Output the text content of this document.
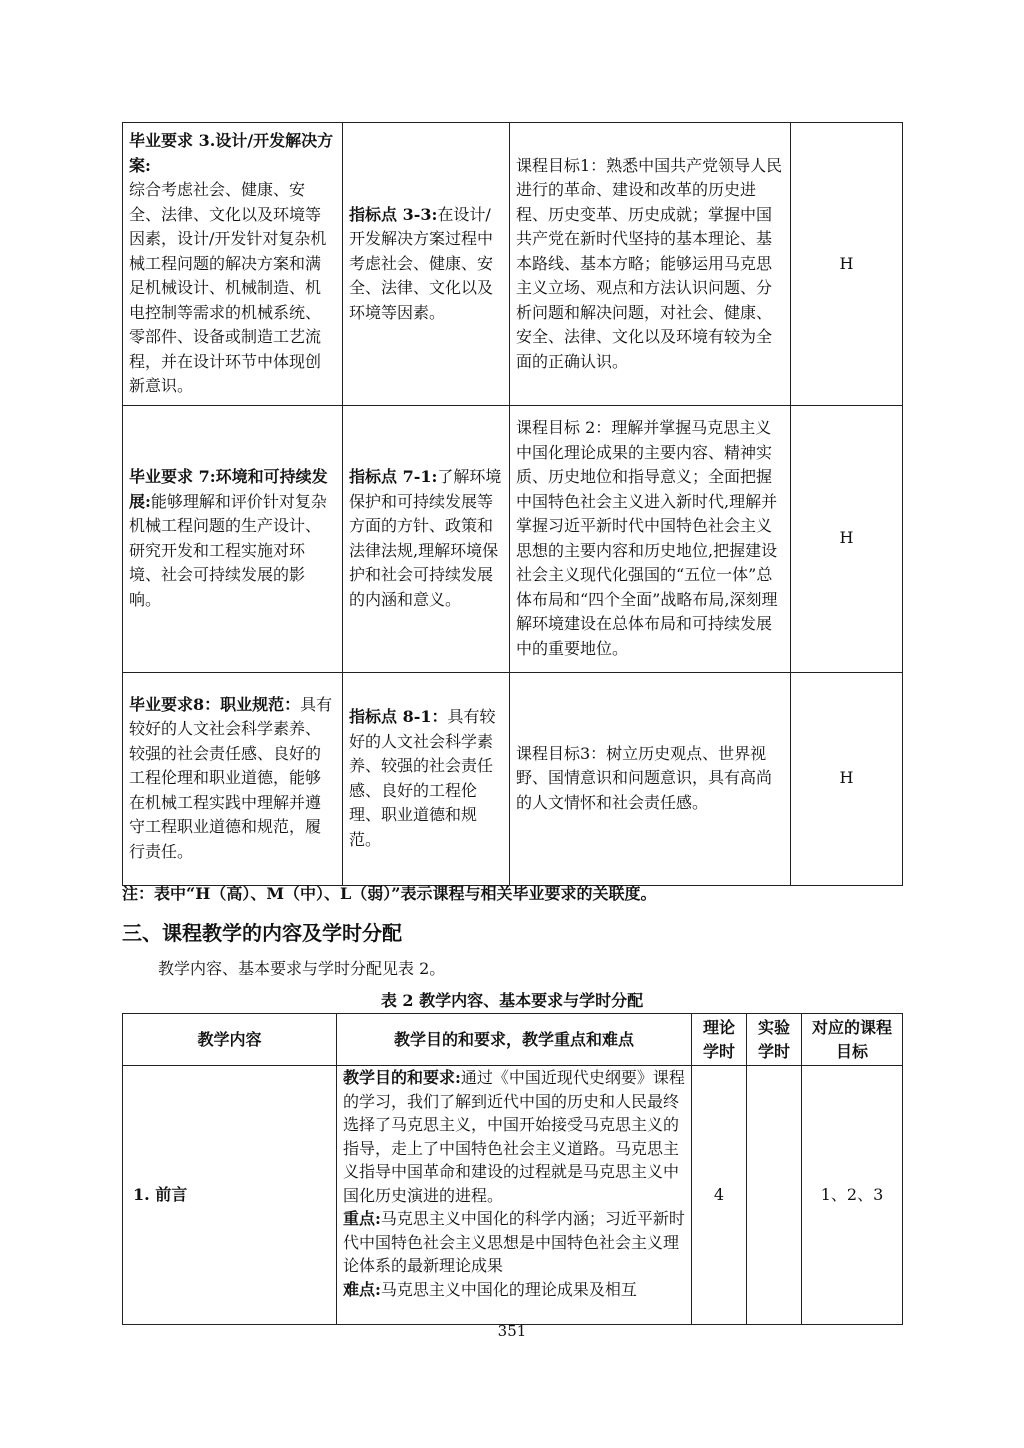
毕业要求 3.设计/开发解决方案:
综合考虑社会、健康、安全、法律、文化以及环境等因素，设计/开发针对复杂机械工程问题的解决方案和满足机械设计、机械制造、机电控制等需求的机械系统、零部件、设备或制造工艺流程，并在设计环节中体现创新意识。	指标点 3-3:在设计/开发解决方案过程中考虑社会、健康、安全、法律、文化以及环境等因素。	课程目标1：熟悉中国共产党领导人民进行的革命、建设和改革的历史进程、历史变革、历史成就；掌握中国共产党在新时代坚持的基本理论、基本路线、基本方略；能够运用马克思主义立场、观点和方法认识问题、分析问题和解决问题，对社会、健康、安全、法律、文化以及环境有较为全面的正确认识。	H
毕业要求 7:环境和可持续发展:能够理解和评价针对复杂机械工程问题的生产设计、研究开发和工程实施对环境、社会可持续发展的影响。	指标点 7-1:了解环境保护和可持续发展等方面的方针、政策和法律法规,理解环境保护和社会可持续发展的内涵和意义。	课程目标 2：理解并掌握马克思主义中国化理论成果的主要内容、精神实质、历史地位和指导意义；全面把握中国特色社会主义进入新时代,理解并掌握习近平新时代中国特色社会主义思想的主要内容和历史地位,把握建设社会主义现代化强国的“五位一体”总体布局和“四个全面”战略布局,深刻理解环境建设在总体布局和可持续发展中的重要地位。	H
毕业要求8：职业规范：具有较好的人文社会科学素养、较强的社会责任感、良好的工程伦理和职业道德，能够在机械工程实践中理解并遵守工程职业道德和规范，履行责任。	指标点 8-1：具有较好的人文社会科学素养、较强的社会责任感、良好的工程伦理、职业道德和规范。	课程目标3：树立历史观点、世界视野、国情意识和问题意识，具有高尚的人文情怀和社会责任感。	H
注：表中“H（高）、M（中）、L（弱）”表示课程与相关毕业要求的关联度。
三、课程教学的内容及学时分配
教学内容、基本要求与学时分配见表 2。
表 2 教学内容、基本要求与学时分配
教学内容	教学目的和要求，教学重点和难点	理论学时	实验学时	对应的课程目标
1. 前言	教学目的和要求:通过《中国近现代史纲要》课程的学习，我们了解到近代中国的历史和人民最终选择了马克思主义，中国开始接受马克思主义的指导，走上了中国特色社会主义道路。马克思主义指导中国革命和建设的过程就是马克思主义中国化历史演进的进程。
重点:马克思主义中国化的科学内涵；习近平新时代中国特色社会主义思想是中国特色社会主义理论体系的最新理论成果
难点:马克思主义中国化的理论成果及相互	4		1、2、3
351
